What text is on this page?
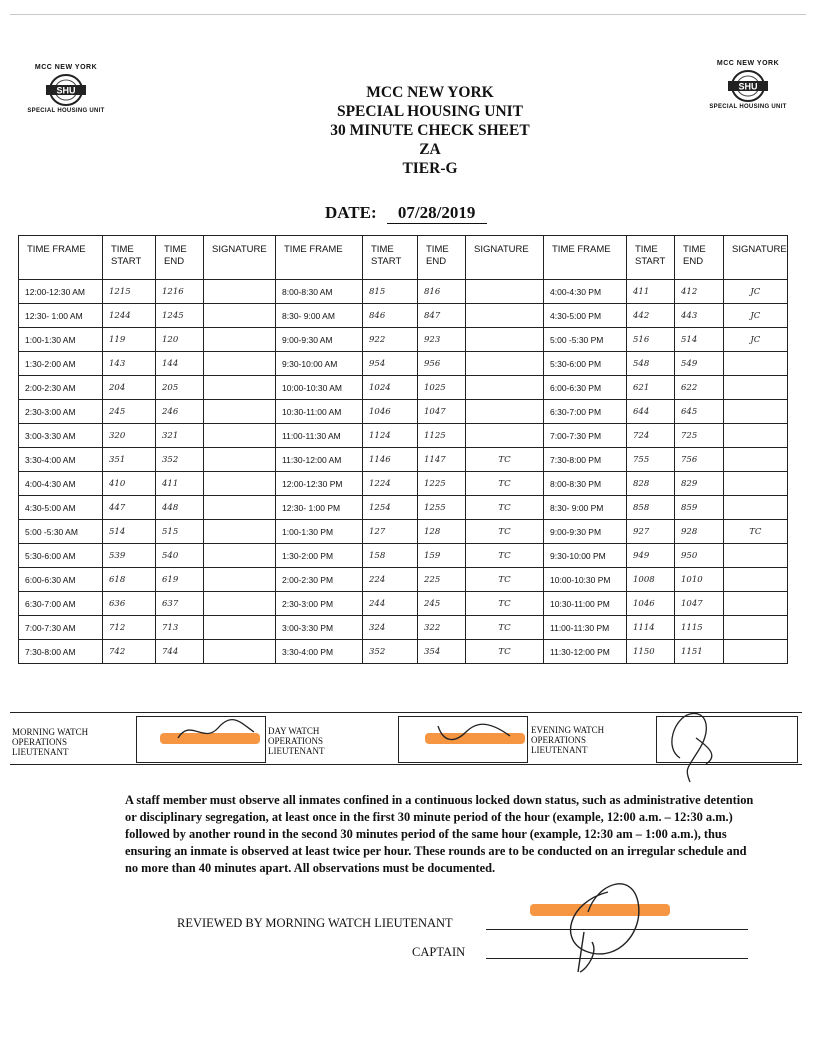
MCC NEW YORK
SHU
SPECIAL HOUSING UNIT
MCC NEW YORK
SHU
SPECIAL HOUSING UNIT
MCC NEW YORK
SPECIAL HOUSING UNIT
30 MINUTE CHECK SHEET
ZA
TIER-G
DATE: 07/28/2019
TIME FRAME	TIME START	TIME END	SIGNATURE	TIME FRAME	TIME START	TIME END	SIGNATURE	TIME FRAME	TIME START	TIME END	SIGNATURE
12:00-12:30 AM	1215	1216		8:00-8:30 AM	815	816		4:00-4:30 PM	411	412	JC
12:30- 1:00 AM	1244	1245		8:30- 9:00 AM	846	847		4:30-5:00 PM	442	443	JC
1:00-1:30 AM	119	120		9:00-9:30 AM	922	923		5:00 -5:30 PM	516	514	JC
1:30-2:00 AM	143	144		9:30-10:00 AM	954	956		5:30-6:00 PM	548	549	
2:00-2:30 AM	204	205		10:00-10:30 AM	1024	1025		6:00-6:30 PM	621	622	
2:30-3:00 AM	245	246		10:30-11:00 AM	1046	1047		6:30-7:00 PM	644	645	
3:00-3:30 AM	320	321		11:00-11:30 AM	1124	1125		7:00-7:30 PM	724	725	
3:30-4:00 AM	351	352		11:30-12:00 AM	1146	1147	TC	7:30-8:00 PM	755	756	
4:00-4:30 AM	410	411		12:00-12:30 PM	1224	1225	TC	8:00-8:30 PM	828	829	
4:30-5:00 AM	447	448		12:30- 1:00 PM	1254	1255	TC	8:30- 9:00 PM	858	859	
5:00 -5:30 AM	514	515		1:00-1:30 PM	127	128	TC	9:00-9:30 PM	927	928	TC
5:30-6:00 AM	539	540		1:30-2:00 PM	158	159	TC	9:30-10:00 PM	949	950	
6:00-6:30 AM	618	619		2:00-2:30 PM	224	225	TC	10:00-10:30 PM	1008	1010	
6:30-7:00 AM	636	637		2:30-3:00 PM	244	245	TC	10:30-11:00 PM	1046	1047	
7:00-7:30 AM	712	713		3:00-3:30 PM	324	322	TC	11:00-11:30 PM	1114	1115	
7:30-8:00 AM	742	744		3:30-4:00 PM	352	354	TC	11:30-12:00 PM	1150	1151	
MORNING WATCH OPERATIONS LIEUTENANT
DAY WATCH OPERATIONS LIEUTENANT
EVENING WATCH OPERATIONS LIEUTENANT
A staff member must observe all inmates confined in a continuous locked down status, such as administrative detention or disciplinary segregation, at least once in the first 30 minute period of the hour (example, 12:00 a.m. – 12:30 a.m.) followed by another round in the second 30 minutes period of the same hour (example, 12:30 am – 1:00 a.m.), thus ensuring an inmate is observed at least twice per hour. These rounds are to be conducted on an irregular schedule and no more than 40 minutes apart. All observations must be documented.
REVIEWED BY MORNING WATCH LIEUTENANT
CAPTAIN
